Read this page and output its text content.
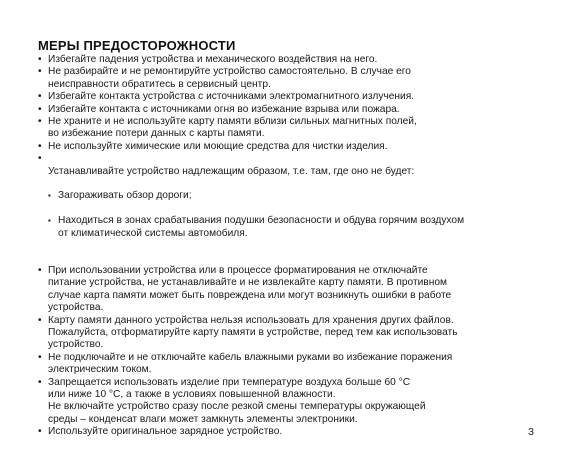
МЕРЫ ПРЕДОСТОРОЖНОСТИ
• Избегайте падения устройства и механического воздействия на него.
• Не разбирайте и не ремонтируйте устройство самостоятельно. В случае его
неисправности обратитесь в сервисный центр.
• Избегайте контакта устройства с источниками электромагнитного излучения.
• Избегайте контакта с источниками огня во избежание взрыва или пожара.
• Не храните и не используйте карту памяти вблизи сильных магнитных полей,
во избежание потери данных с карты памяти.
• Не используйте химические или моющие средства для чистки изделия.

• Устанавливайте устройство надлежащим образом, т.е. там, где оно не будет:

▪ Загораживать обзор дороги;

▪ Находиться в зонах срабатывания подушки безопасности и обдува горячим воздухом
от климатической системы автомобиля.

• При использовании устройства или в процессе форматирования не отключайте
питание устройства, не устанавливайте и не извлекайте карту памяти. В противном
случае карта памяти может быть повреждена или могут возникнуть ошибки в работе
устройства.
• Карту памяти данного устройства нельзя использовать для хранения других файлов.
Пожалуйста, отформатируйте карту памяти в устройстве, перед тем как использовать
устройство.
• Не подключайте и не отключайте кабель влажными руками во избежание поражения
электрическим током.
• Запрещается использовать изделие при температуре воздуха больше 60 °С
или ниже 10 °С, а также в условиях повышенной влажности.
Не включайте устройство сразу после резкой смены температуры окружающей
среды – конденсат влаги может замкнуть элементы электроники.
• Используйте оригинальное зарядное устройство.	3
